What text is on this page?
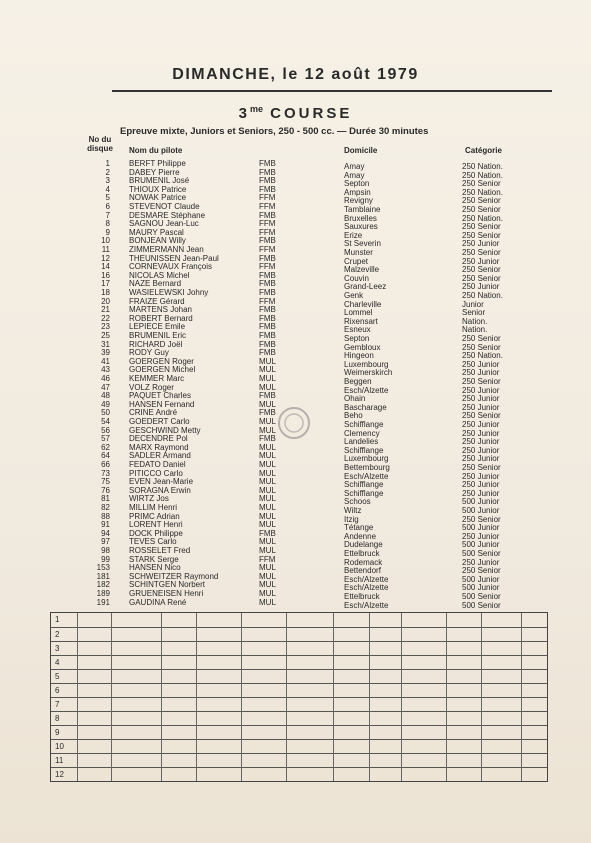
DIMANCHE, le 12 août 1979
$3^{me}$ COURSE
Epreuve mixte, Juniors et Seniors, 250 - 500 cc. — Durée 30 minutes
No du
disque Nom du pilote	Domicile	Catégorie
1 BERFT Philippe	FMB	Amay	250 Nation.
2 DABEY Pierre	FMB	Amay	250 Nation.
3 BRUMENIL José	FMB	Septon	250 Senior
4 THIOUX Patrice	FMB	Ampsin	250 Nation.
5 NOWAK Patrice	FFM	Revigny	250 Senior
6 STEVENOT Claude	FFM	Tamblaine	250 Senior
7 DESMARE Stéphane	FMB	Bruxelles	250 Nation.
8 SAGNOU Jean-Luc	FFM	Sauxures	250 Senior
9 MAURY Pascal	FFM	Erize	250 Senior
10 BONJEAN Willy	FMB	St Severin	250 Junior
11 ZIMMERMANN Jean	FFM	Munster	250 Senior
12 THEUNISSEN Jean-Paul	FMB	Crupet	250 Junior
14 CORNEVAUX François	FFM	Malzeville	250 Senior
16 NICOLAS Michel	FMB	Couvin	250 Senior
17 NAZE Bernard	FMB	Grand-Leez	250 Junior
18 WASIELEWSKI Johny	FMB	Genk	250 Nation.
20 FRAIZE Gérard	FFM	Charleville	Junior
21 MARTENS Johan	FMB	Lommel	Senior
22 ROBERT Bernard	FMB	Rixensart	Nation.
23 LEPIECE Emile	FMB	Esneux	Nation.
25 BRUMENIL Eric	FMB	Septon	250 Senior
31 RICHARD Joël	FMB	Gembloux	250 Senior
39 RODY Guy	FMB	Hingeon	250 Nation.
41 GOERGEN Roger	MUL	Luxembourg	250 Junior
43 GOERGEN Michel	MUL	Weimerskirch	250 Junior
46 KEMMER Marc	MUL	Beggen	250 Senior
47 VOLZ Roger	MUL	Esch/Alzette	250 Junior
48 PAQUET Charles	FMB	Ohain	250 Junior
49 HANSEN Fernand	MUL	Bascharage	250 Junior
50 CRINE André	FMB	Beho	250 Senior
54 GOEDERT Carlo	MUL	Schifflange	250 Junior
56 GESCHWIND Metty	MUL	Clemency	250 Junior
57 DECENDRE Pol	FMB	Landelies	250 Junior
62 MARX Raymond	MUL	Schifflange	250 Junior
64 SADLER Armand	MUL	Luxembourg	250 Junior
66 FEDATO Daniel	MUL	Bettembourg	250 Senior
73 PITICCO Carlo	MUL	Esch/Alzette	250 Junior
75 EVEN Jean-Marie	MUL	Schifflange	250 Junior
76 SORAGNA Erwin	MUL	Schifflange	250 Junior
81 WIRTZ Jos	MUL	Schoos	500 Junior
82 MILLIM Henri	MUL	Wiltz	500 Junior
88 PRIMC Adrian	MUL	Itzig	250 Senior
91 LORENT Henri	MUL	Tétange	500 Junior
94 DOCK Philippe	FMB	Andenne	250 Junior
97 TEVES Carlo	MUL	Dudelange	500 Junior
98 ROSSELET Fred	MUL	Ettelbruck	500 Senior
99 STARK Serge	FFM	Rodemack	250 Junior
153 HANSEN Nico	MUL	Bettendorf	250 Senior
181 SCHWEITZER Raymond	MUL	Esch/Alzette	500 Junior
182 SCHINTGEN Norbert	MUL	Esch/Alzette	500 Junior
189 GRUENEISEN Henri	MUL	Ettelbruck	500 Senior
191 GAUDINA René	MUL	Esch/Alzette	500 Senior
1
2
3
4
5
6
7
8
9
10
11
12
